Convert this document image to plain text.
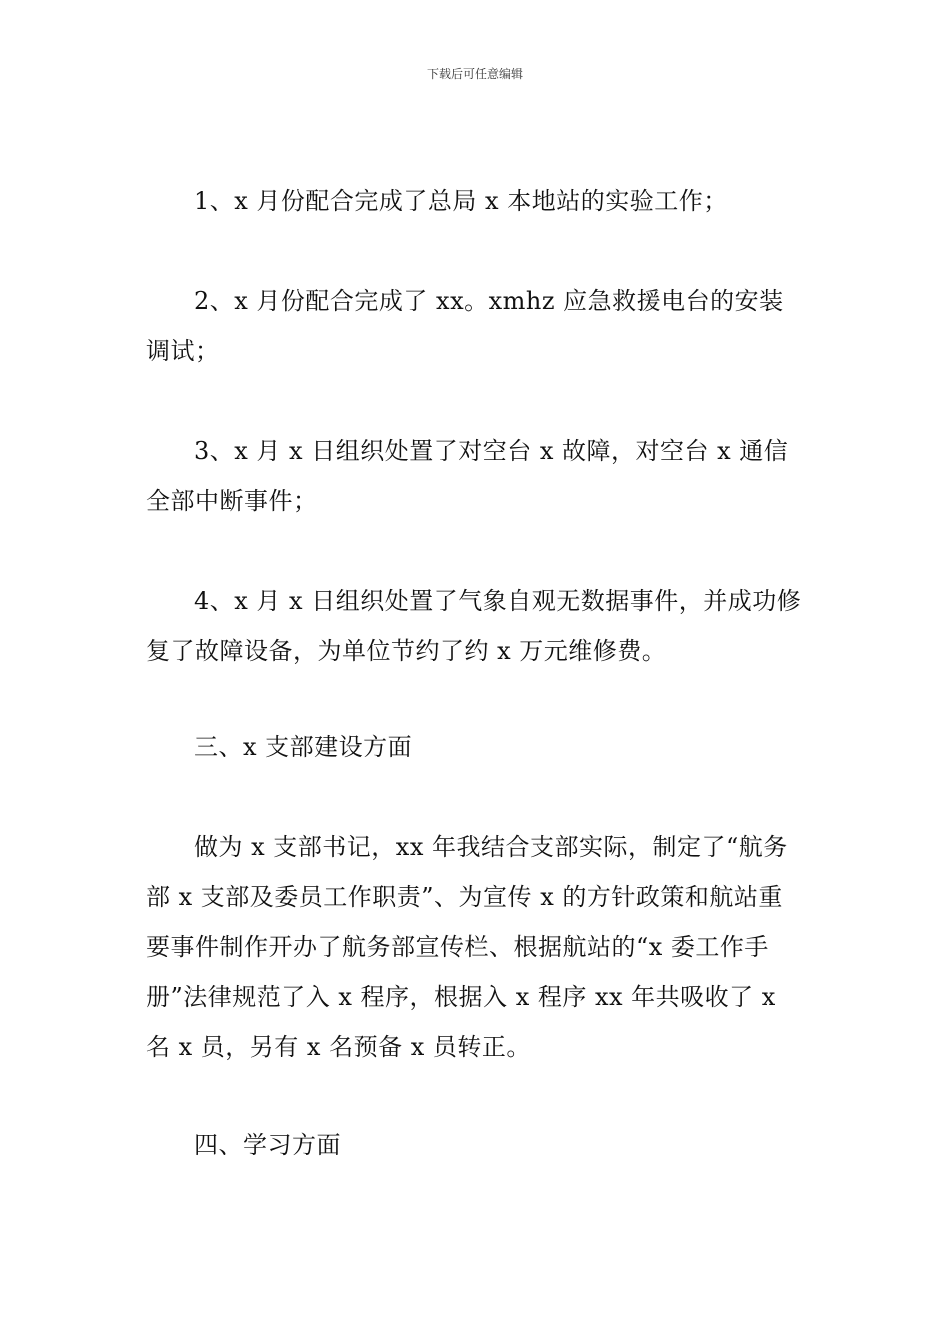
下载后可任意编辑

1、x 月份配合完成了总局 x 本地站的实验工作；

2、x 月份配合完成了 xx。xmhz 应急救援电台的安装调试；

3、x 月 x 日组织处置了对空台 x 故障，对空台 x 通信全部中断事件；

4、x 月 x 日组织处置了气象自观无数据事件，并成功修复了故障设备，为单位节约了约 x 万元维修费。

三、x 支部建设方面

做为 x 支部书记，xx 年我结合支部实际，制定了“航务部 x 支部及委员工作职责”、为宣传 x 的方针政策和航站重要事件制作开办了航务部宣传栏、根据航站的“x 委工作手册”法律规范了入 x 程序，根据入 x 程序 xx 年共吸收了 x 名 x 员，另有 x 名预备 x 员转正。

四、学习方面
